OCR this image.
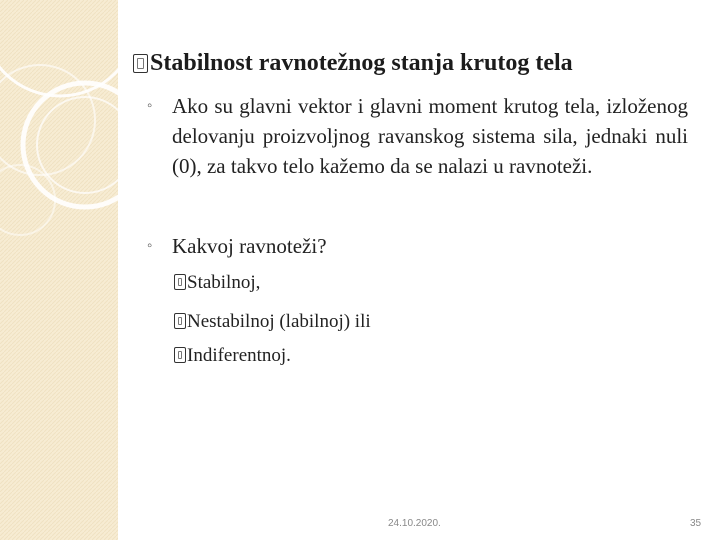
Stabilnost ravnotežnog stanja krutog tela
◦ Ako su glavni vektor i glavni moment krutog tela, izloženog delovanju proizvoljnog ravanskog sistema sila, jednaki nuli (0), za takvo telo kažemo da se nalazi u ravnoteži.
◦ Kakvoj ravnoteži?
Stabilnoj,
Nestabilnoj (labilnoj) ili
Indiferentnoj.
24.10.2020.	35
